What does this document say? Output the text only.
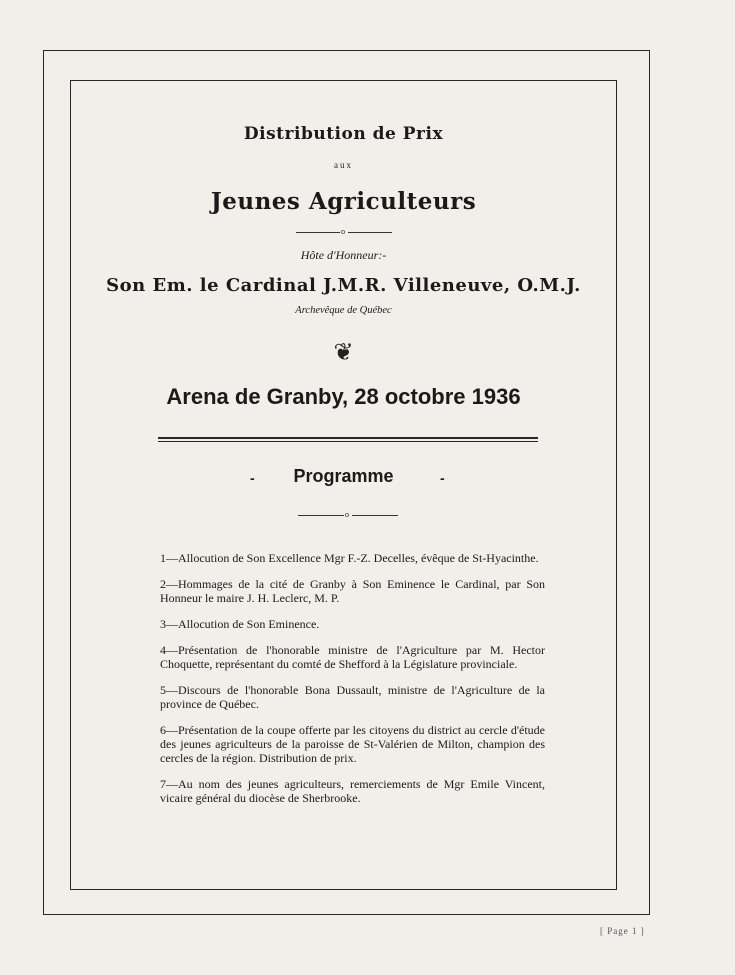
Distribution de Prix
aux
Jeunes Agriculteurs
o
Hôte d'Honneur:-
Son Em. le Cardinal J.M.R. Villeneuve, O.M.J.
Archevêque de Québec
❦
Arena de Granby, 28 octobre 1936
-	Programme	-
o
1—Allocution de Son Excellence Mgr F.-Z. Decelles, évêque de St-Hyacinthe.
2—Hommages de la cité de Granby à Son Eminence le Cardinal, par Son Honneur le maire J. H. Leclerc, M. P.
3—Allocution de Son Eminence.
4—Présentation de l'honorable ministre de l'Agriculture par M. Hector Choquette, représentant du comté de Shefford à la Législature provinciale.
5—Discours de l'honorable Bona Dussault, ministre de l'Agriculture de la province de Québec.
6—Présentation de la coupe offerte par les citoyens du district au cercle d'étude des jeunes agriculteurs de la paroisse de St-Valérien de Milton, champion des cercles de la région. Distribution de prix.
7—Au nom des jeunes agriculteurs, remerciements de Mgr Emile Vincent, vicaire général du diocèse de Sherbrooke.
[ Page 1 ]
